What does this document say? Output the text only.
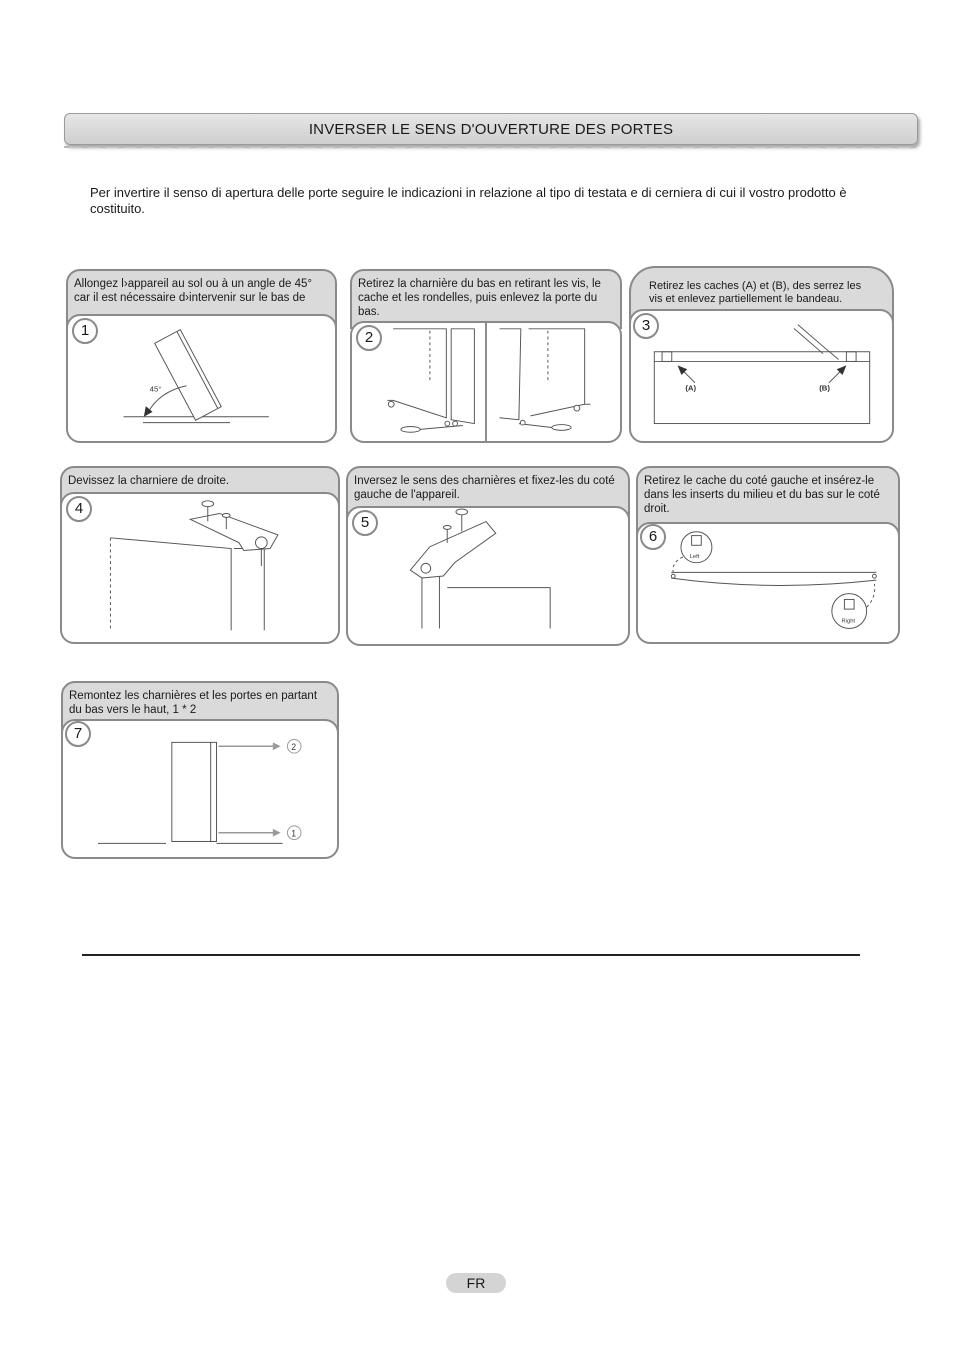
INVERSER LE SENS D'OUVERTURE DES PORTES
Per invertire il senso di apertura delle porte seguire le indicazioni in relazione al tipo di testata e di cerniera di cui il vostro prodotto è costituito.
Allongez l›appareil au sol ou à un angle de 45° car il est nécessaire d›intervenir sur le bas de
45°
1
Retirez la charnière du bas en retirant les vis, le cache et les rondelles, puis enlevez la porte du bas.
2
Retirez les caches (A) et (B), des serrez les vis et enlevez partiellement le bandeau.
(A)	(B)
3
Devissez la charniere de droite.
4
Inversez le sens des charnières et fixez-les du coté gauche de l'appareil.
5
Retirez le cache du coté gauche et insérez-le dans les inserts du milieu et du bas sur le coté droit.
Left
Right
6
Remontez les charnières et les portes en partant du bas vers le haut, 1 * 2
2
1
7
FR
